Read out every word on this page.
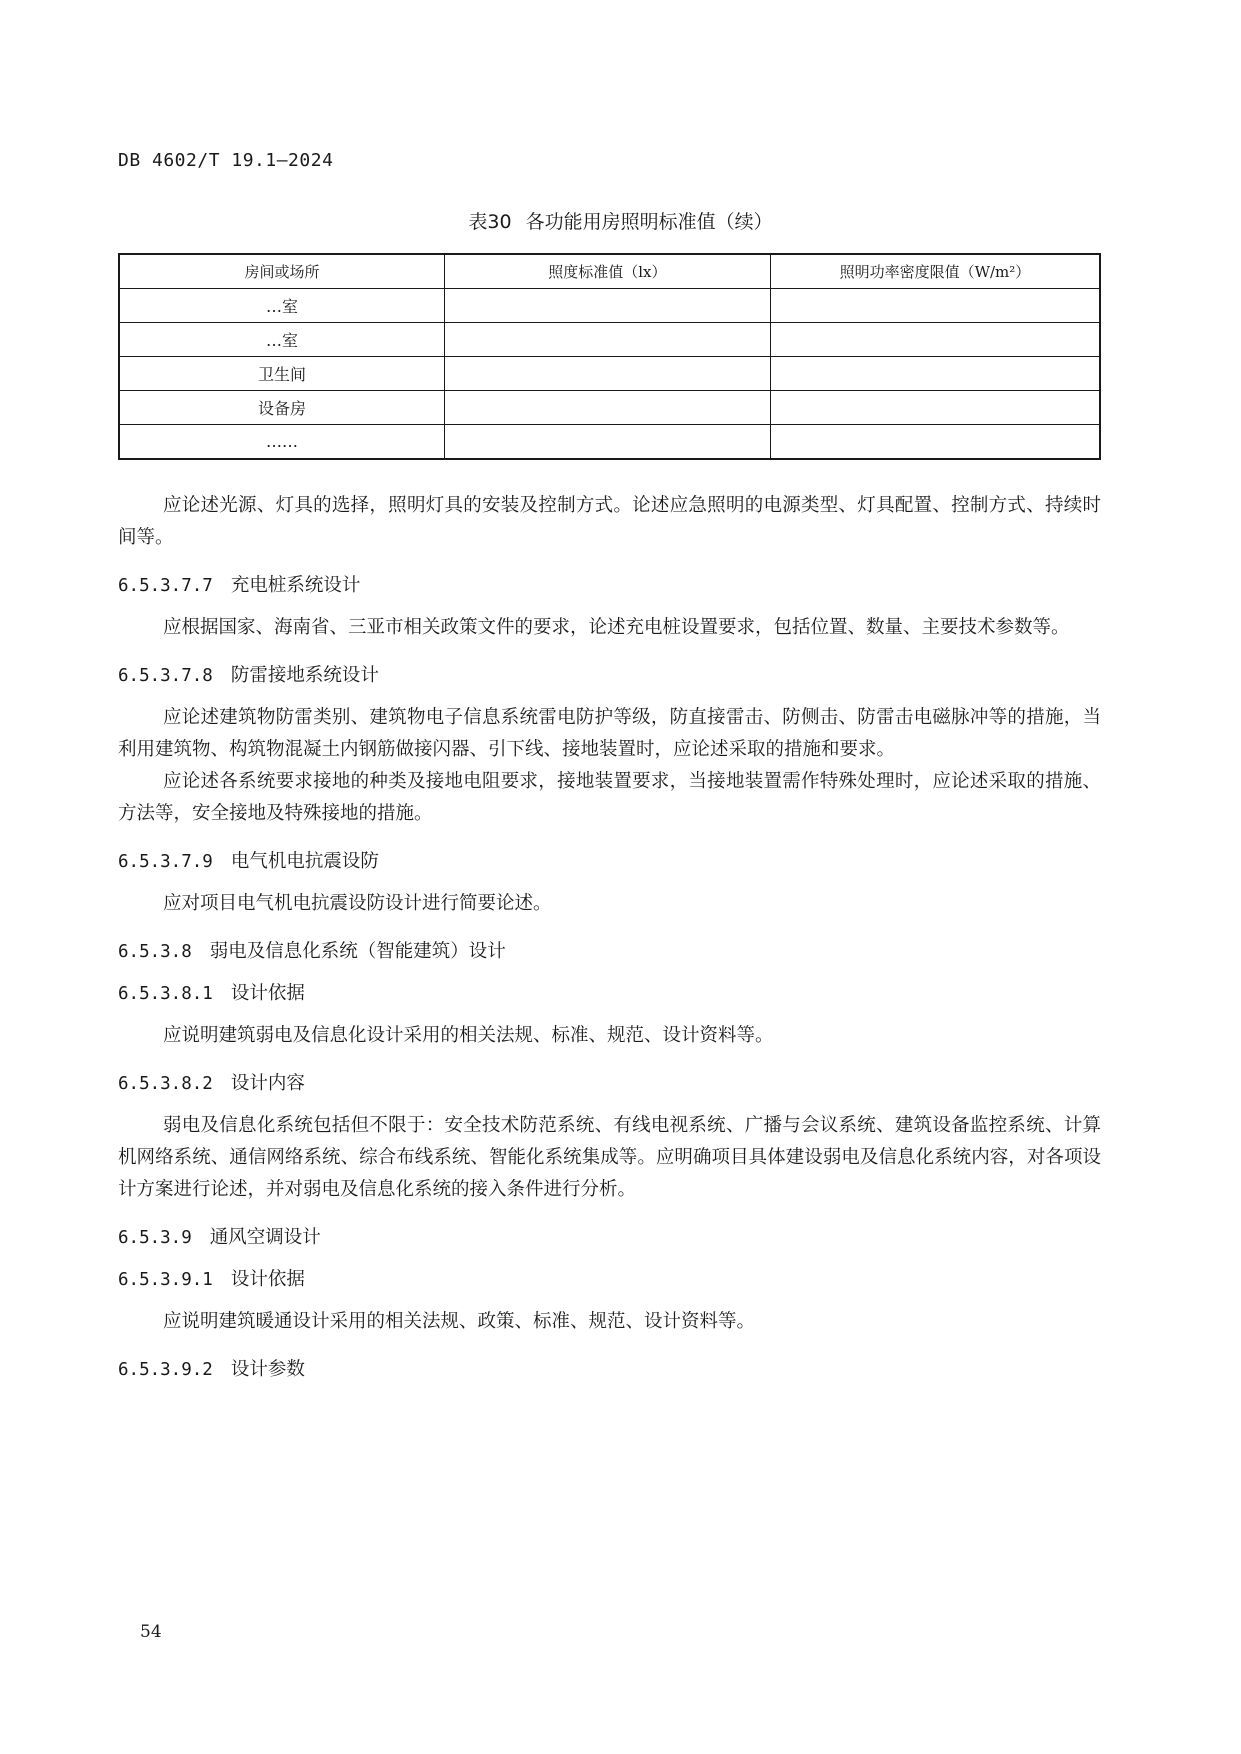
DB 4602/T 19.1—2024
表30 各功能用房照明标准值（续）
房间或场所	照度标准值（lx）	照明功率密度限值（W/m²）
…室		
…室		
卫生间		
设备房		
……		

应论述光源、灯具的选择，照明灯具的安装及控制方式。论述应急照明的电源类型、灯具配置、控制方式、持续时间等。

6.5.3.7.7 充电桩系统设计

应根据国家、海南省、三亚市相关政策文件的要求，论述充电桩设置要求，包括位置、数量、主要技术参数等。

6.5.3.7.8 防雷接地系统设计

应论述建筑物防雷类别、建筑物电子信息系统雷电防护等级，防直接雷击、防侧击、防雷击电磁脉冲等的措施，当利用建筑物、构筑物混凝土内钢筋做接闪器、引下线、接地装置时，应论述采取的措施和要求。

应论述各系统要求接地的种类及接地电阻要求，接地装置要求，当接地装置需作特殊处理时，应论述采取的措施、方法等，安全接地及特殊接地的措施。

6.5.3.7.9 电气机电抗震设防

应对项目电气机电抗震设防设计进行简要论述。

6.5.3.8 弱电及信息化系统（智能建筑）设计

6.5.3.8.1 设计依据

应说明建筑弱电及信息化设计采用的相关法规、标准、规范、设计资料等。

6.5.3.8.2 设计内容

弱电及信息化系统包括但不限于：安全技术防范系统、有线电视系统、广播与会议系统、建筑设备监控系统、计算机网络系统、通信网络系统、综合布线系统、智能化系统集成等。应明确项目具体建设弱电及信息化系统内容，对各项设计方案进行论述，并对弱电及信息化系统的接入条件进行分析。

6.5.3.9 通风空调设计

6.5.3.9.1 设计依据

应说明建筑暖通设计采用的相关法规、政策、标准、规范、设计资料等。

6.5.3.9.2 设计参数

54
